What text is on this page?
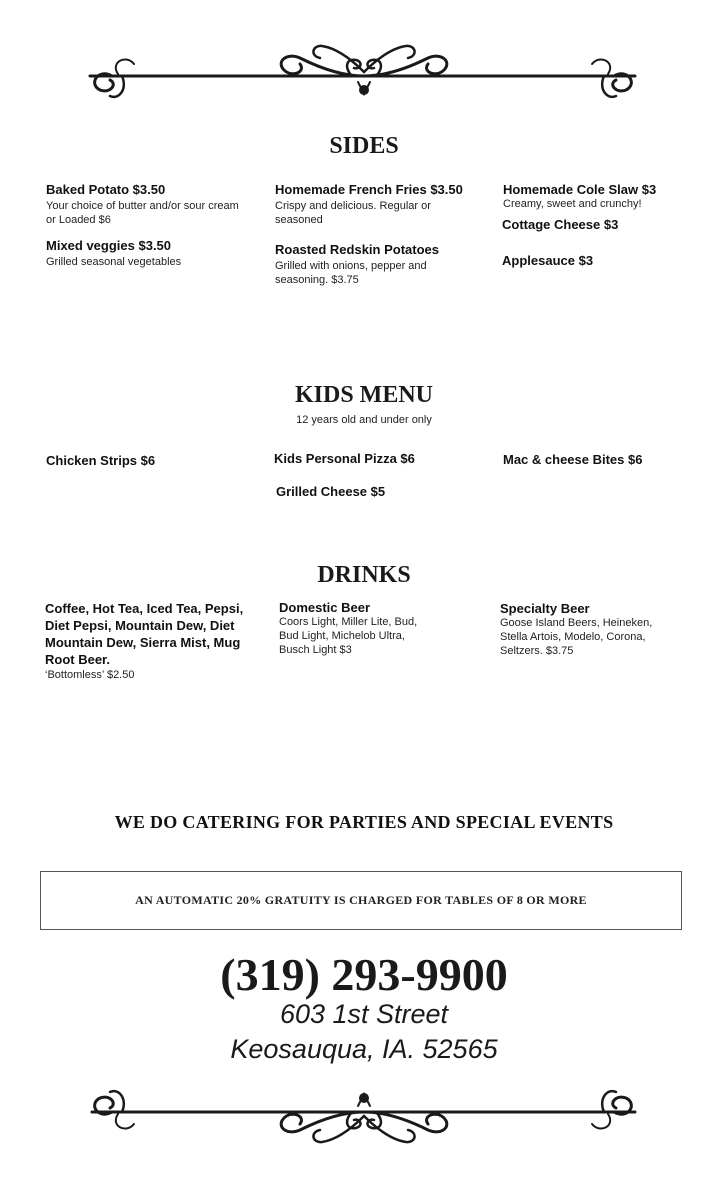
SIDES
Baked Potato $3.50
Your choice of butter and/or sour cream or Loaded $6
Mixed veggies $3.50
Grilled seasonal vegetables
Homemade French Fries $3.50
Crispy and delicious. Regular or seasoned
Roasted Redskin Potatoes
Grilled with onions, pepper and seasoning. $3.75
Homemade Cole Slaw $3
Creamy, sweet and crunchy!
Cottage Cheese $3
Applesauce $3
KIDS MENU
12 years old and under only
Chicken Strips $6	Kids Personal Pizza $6
Grilled Cheese $5
Mac & cheese Bites $6
DRINKS
Coffee, Hot Tea, Iced Tea, Pepsi, Diet Pepsi, Mountain Dew, Diet Mountain Dew, Sierra Mist, Mug Root Beer.
‘Bottomless’ $2.50
Domestic Beer
Coors Light, Miller Lite, Bud, Bud Light, Michelob Ultra, Busch Light $3
Specialty Beer
Goose Island Beers, Heineken, Stella Artois, Modelo, Corona, Seltzers. $3.75
WE DO CATERING FOR PARTIES AND SPECIAL EVENTS
AN AUTOMATIC 20% GRATUITY IS CHARGED FOR TABLES OF 8 OR MORE
(319) 293-9900
603 1st Street
Keosauqua, IA. 52565
